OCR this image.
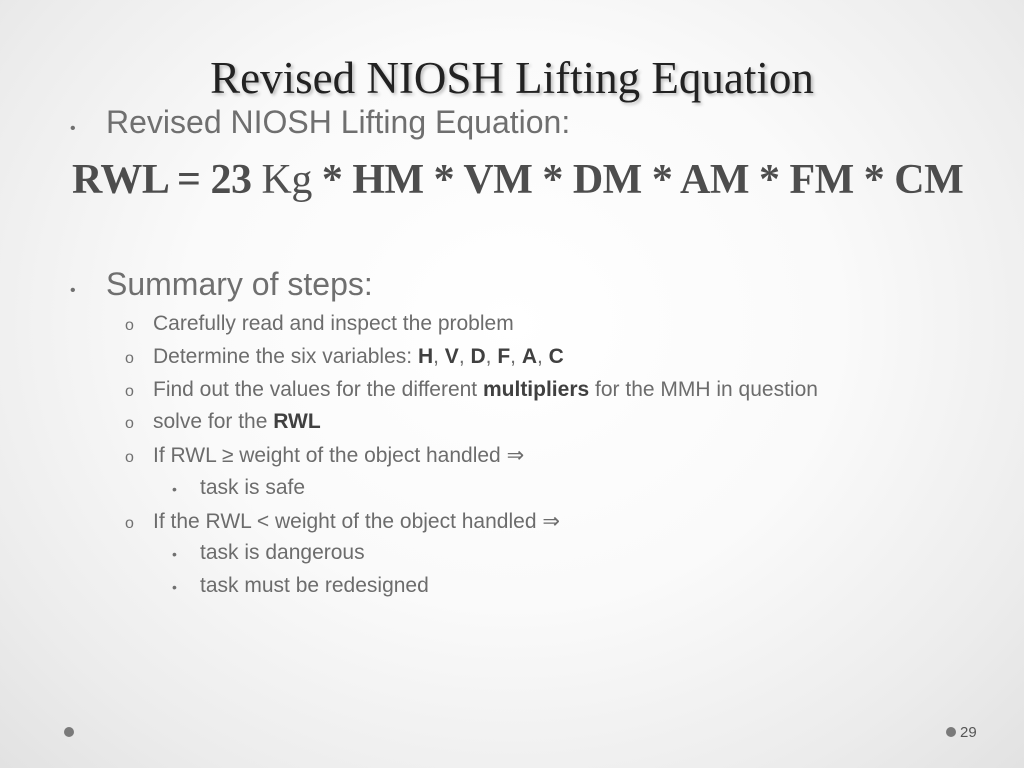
Revised NIOSH Lifting Equation
• Revised NIOSH Lifting Equation:
RWL = 23 Kg * HM * VM * DM * AM * FM * CM
• Summary of steps:
o Carefully read and inspect the problem
o Determine the six variables: H, V, D, F, A, C
o Find out the values for the different multipliers for the MMH in question
o solve for the RWL
o If RWL ≥ weight of the object handled ⇒
•	task is safe
o If the RWL < weight of the object handled ⇒
•	task is dangerous
•	task must be redesigned
29
